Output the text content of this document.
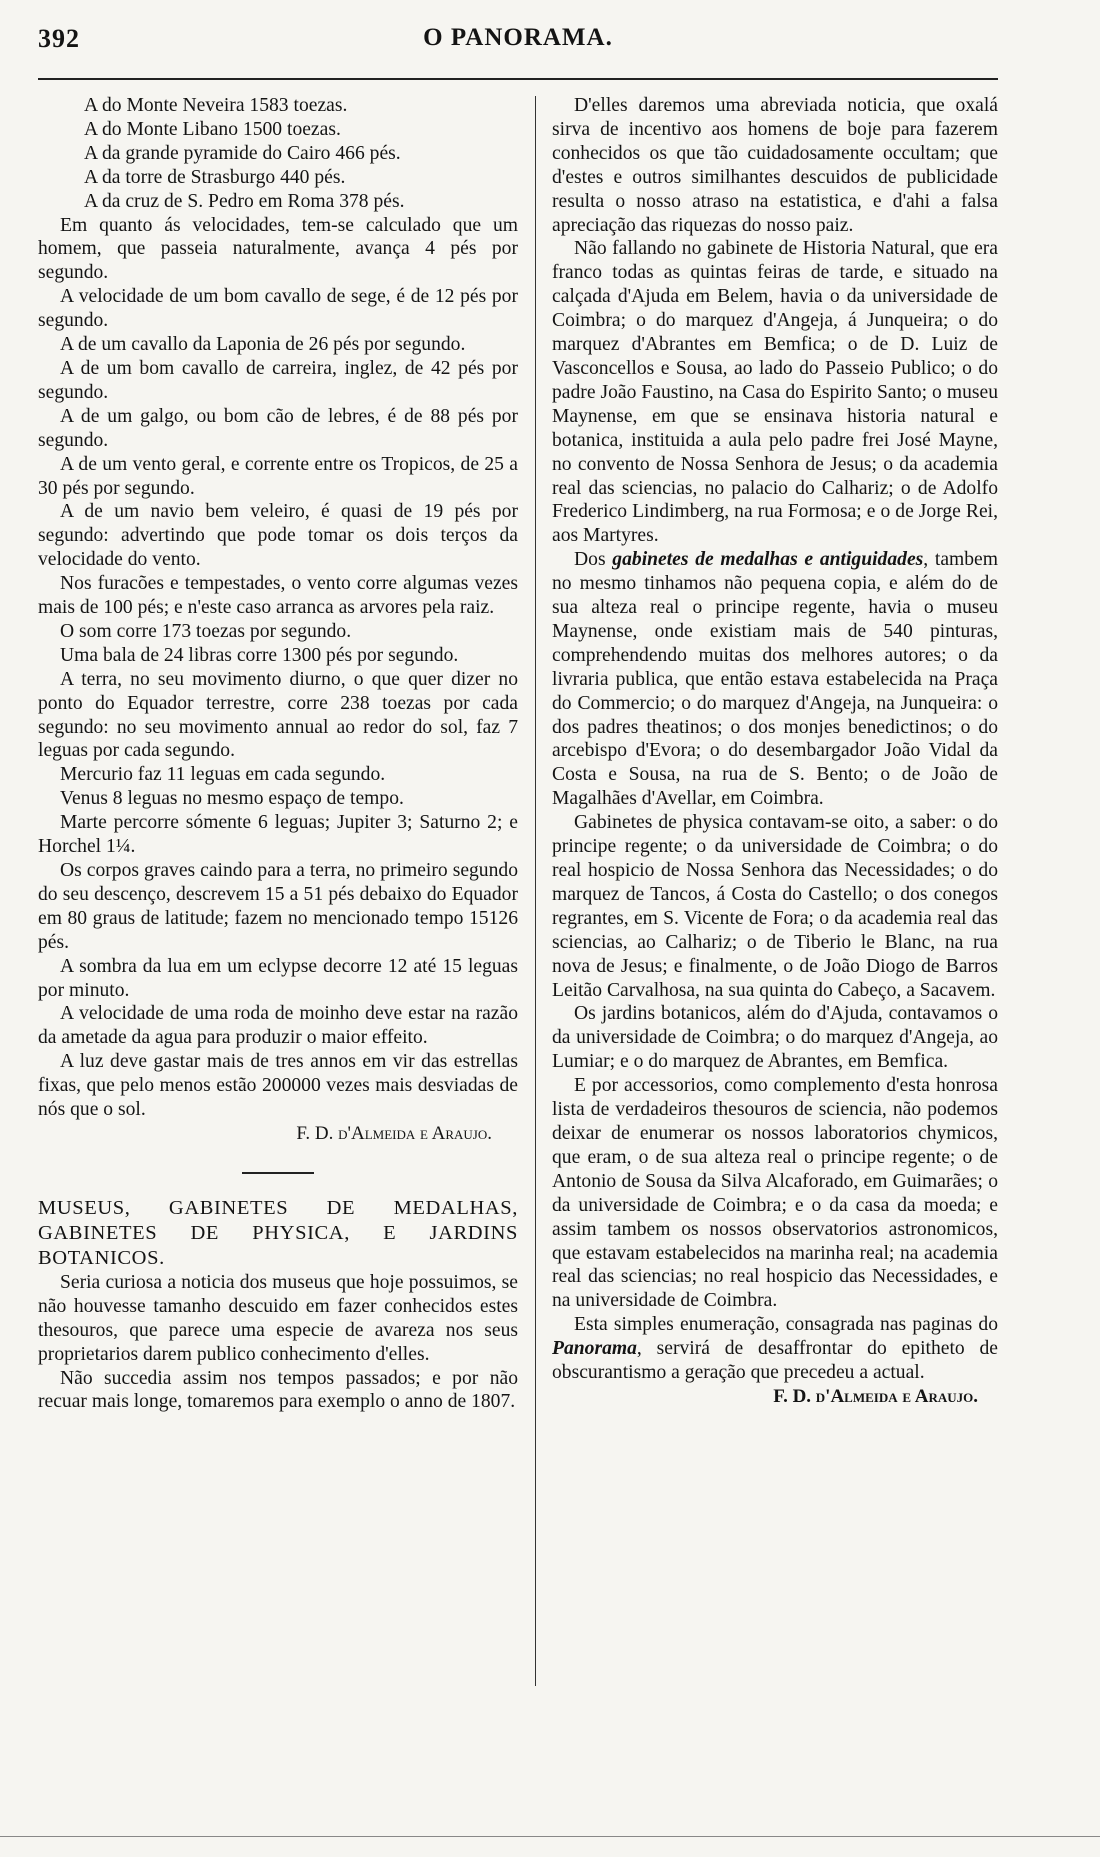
392	O PANORAMA.

A do Monte Neveira 1583 toezas.

A do Monte Libano 1500 toezas.

A da grande pyramide do Cairo 466 pés.

A da torre de Strasburgo 440 pés.

A da cruz de S. Pedro em Roma 378 pés.

Em quanto ás velocidades, tem-se calculado que um homem, que passeia naturalmente, avança 4 pés por segundo.

A velocidade de um bom cavallo de sege, é de 12 pés por segundo.

A de um cavallo da Laponia de 26 pés por segundo.

A de um bom cavallo de carreira, inglez, de 42 pés por segundo.

A de um galgo, ou bom cão de lebres, é de 88 pés por segundo.

A de um vento geral, e corrente entre os Tropicos, de 25 a 30 pés por segundo.

A de um navio bem veleiro, é quasi de 19 pés por segundo: advertindo que pode tomar os dois terços da velocidade do vento.

Nos furacões e tempestades, o vento corre algumas vezes mais de 100 pés; e n'este caso arranca as arvores pela raiz.

O som corre 173 toezas por segundo.

Uma bala de 24 libras corre 1300 pés por segundo.

A terra, no seu movimento diurno, o que quer dizer no ponto do Equador terrestre, corre 238 toezas por cada segundo: no seu movimento annual ao redor do sol, faz 7 leguas por cada segundo.

Mercurio faz 11 leguas em cada segundo.

Venus 8 leguas no mesmo espaço de tempo.

Marte percorre sómente 6 leguas; Jupiter 3; Saturno 2; e Horchel 1¼.

Os corpos graves caindo para a terra, no primeiro segundo do seu descenço, descrevem 15 a 51 pés debaixo do Equador em 80 graus de latitude; fazem no mencionado tempo 15126 pés.

A sombra da lua em um eclypse decorre 12 até 15 leguas por minuto.

A velocidade de uma roda de moinho deve estar na razão da ametade da agua para produzir o maior effeito.

A luz deve gastar mais de tres annos em vir das estrellas fixas, que pelo menos estão 200000 vezes mais desviadas de nós que o sol.

F. D. d'Almeida e Araujo.

MUSEUS, GABINETES DE MEDALHAS, GABINETES DE PHYSICA, E JARDINS BOTANICOS.

Seria curiosa a noticia dos museus que hoje possuimos, se não houvesse tamanho descuido em fazer conhecidos estes thesouros, que parece uma especie de avareza nos seus proprietarios darem publico conhecimento d'elles.

Não succedia assim nos tempos passados; e por não recuar mais longe, tomaremos para exemplo o anno de 1807.

D'elles daremos uma abreviada noticia, que oxalá sirva de incentivo aos homens de boje para fazerem conhecidos os que tão cuidadosamente occultam; que d'estes e outros similhantes descuidos de publicidade resulta o nosso atraso na estatistica, e d'ahi a falsa apreciação das riquezas do nosso paiz.

Não fallando no gabinete de Historia Natural, que era franco todas as quintas feiras de tarde, e situado na calçada d'Ajuda em Belem, havia o da universidade de Coimbra; o do marquez d'Angeja, á Junqueira; o do marquez d'Abrantes em Bemfica; o de D. Luiz de Vasconcellos e Sousa, ao lado do Passeio Publico; o do padre João Faustino, na Casa do Espirito Santo; o museu Maynense, em que se ensinava historia natural e botanica, instituida a aula pelo padre frei José Mayne, no convento de Nossa Senhora de Jesus; o da academia real das sciencias, no palacio do Calhariz; o de Adolfo Frederico Lindimberg, na rua Formosa; e o de Jorge Rei, aos Martyres.

Dos gabinetes de medalhas e antiguidades, tambem no mesmo tinhamos não pequena copia, e além do de sua alteza real o principe regente, havia o museu Maynense, onde existiam mais de 540 pinturas, comprehendendo muitas dos melhores autores; o da livraria publica, que então estava estabelecida na Praça do Commercio; o do marquez d'Angeja, na Junqueira: o dos padres theatinos; o dos monjes benedictinos; o do arcebispo d'Evora; o do desembargador João Vidal da Costa e Sousa, na rua de S. Bento; o de João de Magalhães d'Avellar, em Coimbra.

Gabinetes de physica contavam-se oito, a saber: o do principe regente; o da universidade de Coimbra; o do real hospicio de Nossa Senhora das Necessidades; o do marquez de Tancos, á Costa do Castello; o dos conegos regrantes, em S. Vicente de Fora; o da academia real das sciencias, ao Calhariz; o de Tiberio le Blanc, na rua nova de Jesus; e finalmente, o de João Diogo de Barros Leitão Carvalhosa, na sua quinta do Cabeço, a Sacavem.

Os jardins botanicos, além do d'Ajuda, contavamos o da universidade de Coimbra; o do marquez d'Angeja, ao Lumiar; e o do marquez de Abrantes, em Bemfica.

E por accessorios, como complemento d'esta honrosa lista de verdadeiros thesouros de sciencia, não podemos deixar de enumerar os nossos laboratorios chymicos, que eram, o de sua alteza real o principe regente; o de Antonio de Sousa da Silva Alcaforado, em Guimarães; o da universidade de Coimbra; e o da casa da moeda; e assim tambem os nossos observatorios astronomicos, que estavam estabelecidos na marinha real; na academia real das sciencias; no real hospicio das Necessidades, e na universidade de Coimbra.

Esta simples enumeração, consagrada nas paginas do Panorama, servirá de desaffrontar do epitheto de obscurantismo a geração que precedeu a actual.

F. D. d'Almeida e Araujo.
